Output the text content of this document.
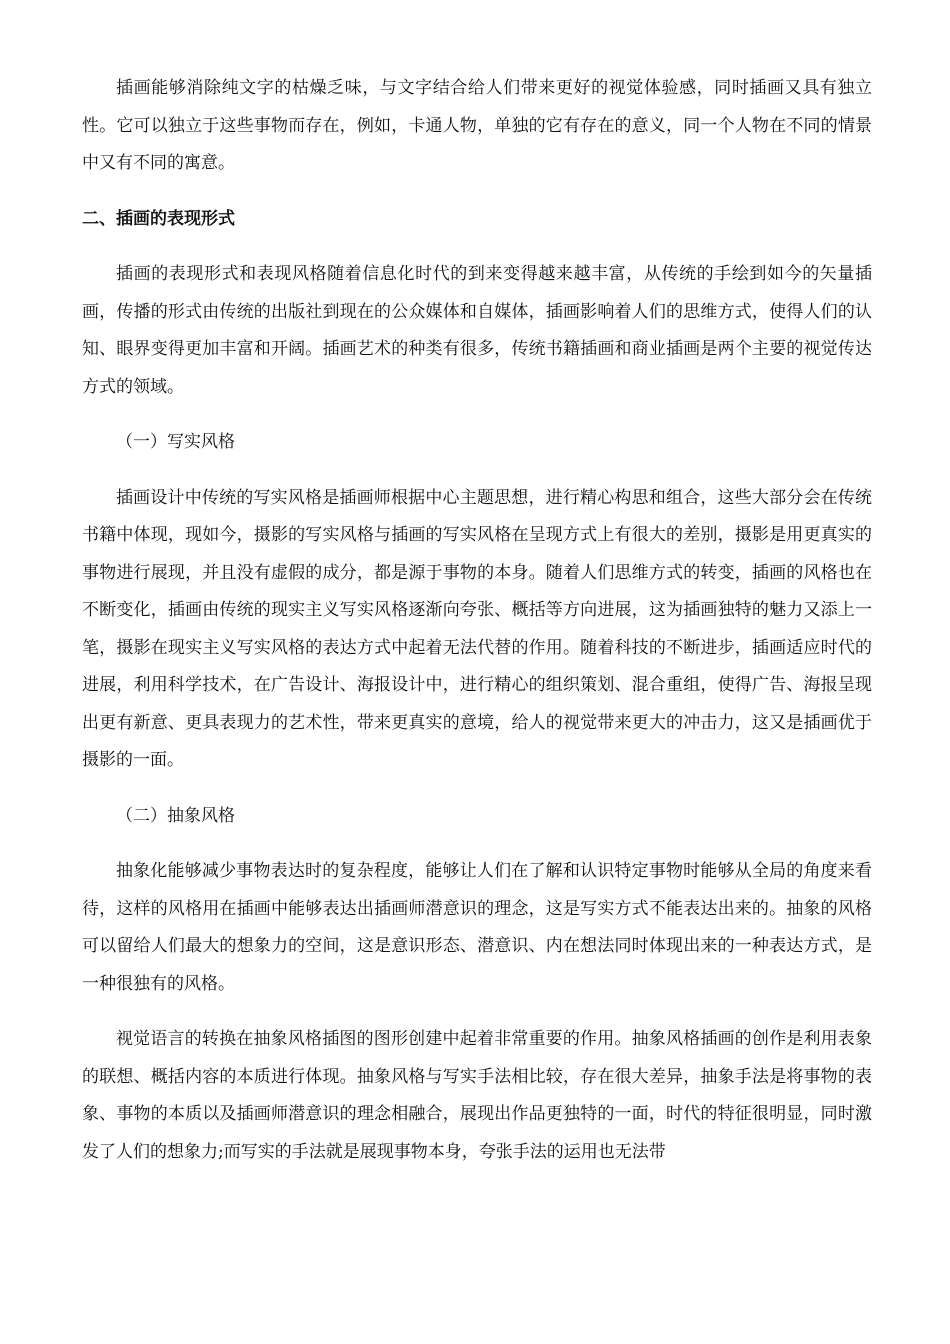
插画能够消除纯文字的枯燥乏味，与文字结合给人们带来更好的视觉体验感，同时插画又具有独立性。它可以独立于这些事物而存在，例如，卡通人物，单独的它有存在的意义，同一个人物在不同的情景中又有不同的寓意。

二、插画的表现形式

插画的表现形式和表现风格随着信息化时代的到来变得越来越丰富，从传统的手绘到如今的矢量插画，传播的形式由传统的出版社到现在的公众媒体和自媒体，插画影响着人们的思维方式，使得人们的认知、眼界变得更加丰富和开阔。插画艺术的种类有很多，传统书籍插画和商业插画是两个主要的视觉传达方式的领域。

（一）写实风格

插画设计中传统的写实风格是插画师根据中心主题思想，进行精心构思和组合，这些大部分会在传统书籍中体现，现如今，摄影的写实风格与插画的写实风格在呈现方式上有很大的差别，摄影是用更真实的事物进行展现，并且没有虚假的成分，都是源于事物的本身。随着人们思维方式的转变，插画的风格也在不断变化，插画由传统的现实主义写实风格逐渐向夸张、概括等方向进展，这为插画独特的魅力又添上一笔，摄影在现实主义写实风格的表达方式中起着无法代替的作用。随着科技的不断进步，插画适应时代的进展，利用科学技术，在广告设计、海报设计中，进行精心的组织策划、混合重组，使得广告、海报呈现出更有新意、更具表现力的艺术性，带来更真实的意境，给人的视觉带来更大的冲击力，这又是插画优于摄影的一面。

（二）抽象风格

抽象化能够减少事物表达时的复杂程度，能够让人们在了解和认识特定事物时能够从全局的角度来看待，这样的风格用在插画中能够表达出插画师潜意识的理念，这是写实方式不能表达出来的。抽象的风格可以留给人们最大的想象力的空间，这是意识形态、潜意识、内在想法同时体现出来的一种表达方式，是一种很独有的风格。

视觉语言的转换在抽象风格插图的图形创建中起着非常重要的作用。抽象风格插画的创作是利用表象的联想、概括内容的本质进行体现。抽象风格与写实手法相比较，存在很大差异，抽象手法是将事物的表象、事物的本质以及插画师潜意识的理念相融合，展现出作品更独特的一面，时代的特征很明显，同时激发了人们的想象力;而写实的手法就是展现事物本身，夸张手法的运用也无法带
